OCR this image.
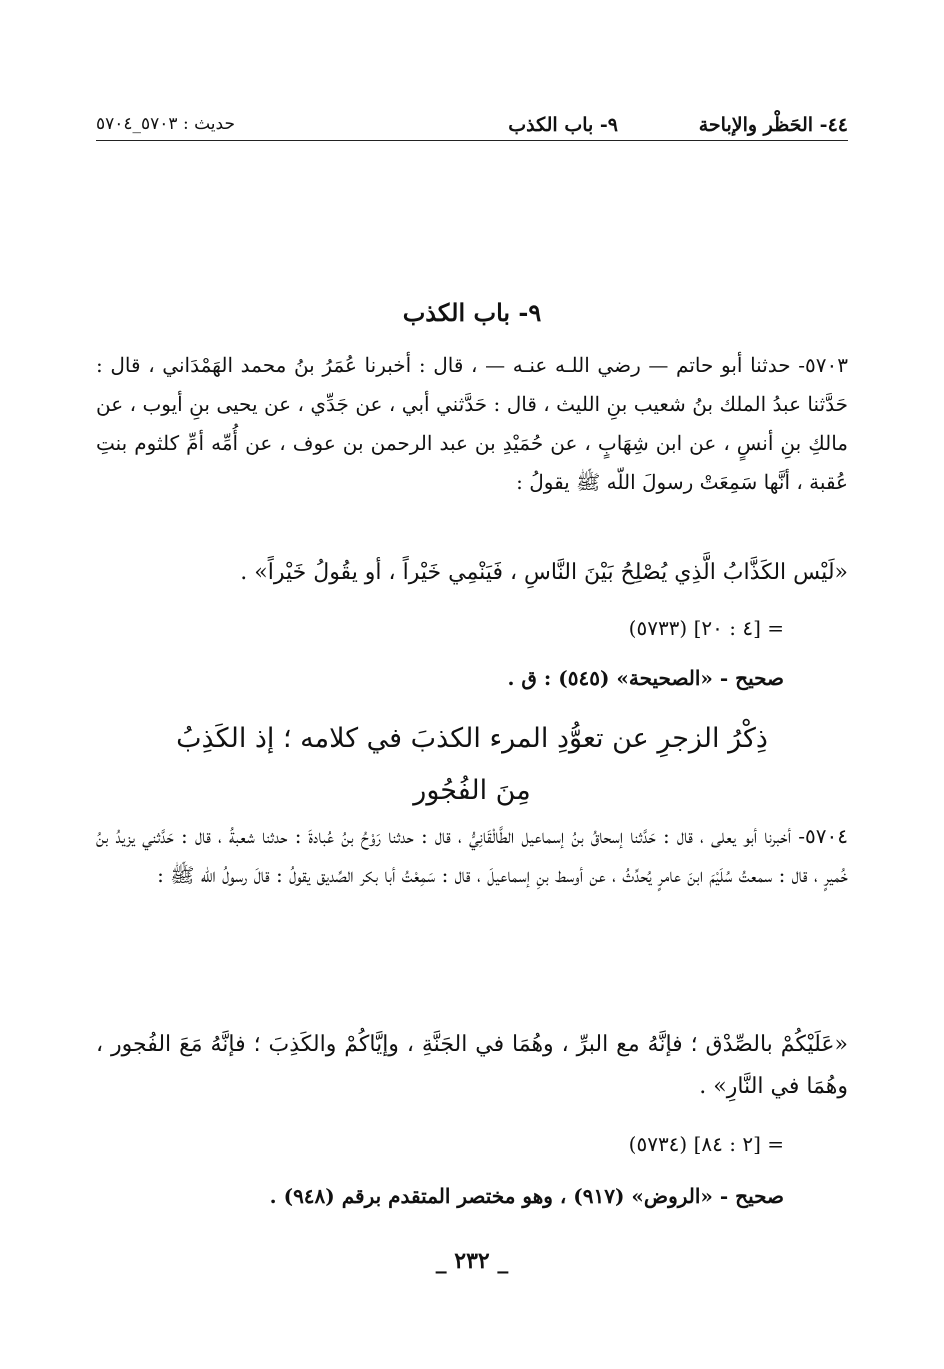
٤٤- الحَظْر والإباحة
٩- باب الكذب
حديث : ٥٧٠٣_٥٧٠٤
٩- باب الكذب
٥٧٠٣- حدثنا أبو حاتم — رضي اللـه عنـه — ، قال : أخبرنا عُمَرُ بنُ محمد الهَمْدَاني ، قال : حَدَّثنا عبدُ الملك بنُ شعيب بنِ الليث ، قال : حَدَّثني أبي ، عن جَدِّي ، عن يحيى بنِ أيوب ، عن مالكِ بنِ أنسٍ ، عن ابن شِهَابٍ ، عن حُمَيْدِ بن عبد الرحمن بن عوف ، عن أُمِّه أمِّ كلثوم بنتِ عُقبة ، أنَّها سَمِعَتْ رسولَ اللّه ﷺ يقولُ :
«لَيْس الكَذَّابُ الَّذِي يُصْلِحُ بَيْنَ النَّاسِ ، فَيَنْمِي خَيْراً ، أو يقُولُ خَيْراً» .
= [٤ : ٢٠] (٥٧٣٣)
صحيح - «الصحيحة» (٥٤٥) : ق .
ذِكْرُ الزجرِ عن تعوُّدِ المرء الكذبَ في كلامه ؛ إذ الكَذِبُ
مِنَ الفُجُور
٥٧٠٤- أخبرنا أبو يعلى ، قال : حَدَّثنا إسحاقُ بنُ إسماعيل الطَّالْقَانِيُّ ، قال : حدثنا رَوْحُ بنُ عُبادةَ : حدثنا شعبةُ ، قال : حَدَّثني يزيدُ بنُ خُميرٍ ، قال : سمعتُ سُلَيْمَ ابنَ عامرٍ يُحدِّثُ ، عن أوسط بنِ إسماعيلَ ، قال : سَمِعْتُ أبا بكر الصِّديق يقولُ : قالَ رسولُ اللّه ﷺ :
«عَلَيْكُمْ بالصِّدْق ؛ فإنَّهُ مع البرِّ ، وهُمَا في الجَنَّةِ ، وإيَّاكُمْ والكَذِبَ ؛ فإنَّهُ مَعَ الفُجور ، وهُمَا في النَّارِ» .
= [٢ : ٨٤] (٥٧٣٤)
صحيح - «الروض» (٩١٧) ، وهو مختصر المتقدم برقم (٩٤٨) .
_ ٢٣٢ _
